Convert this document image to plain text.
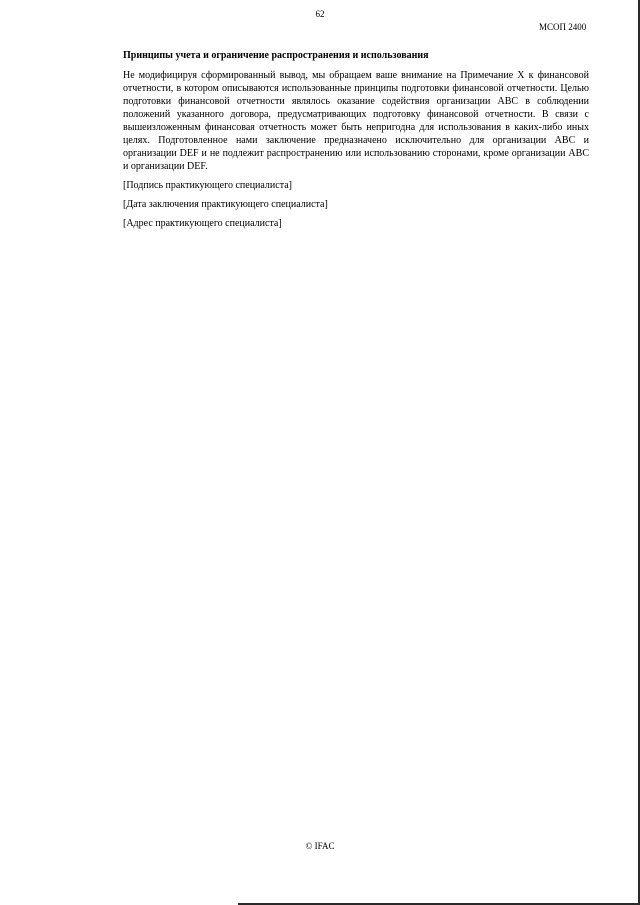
62
МСОП 2400
Принципы учета и ограничение распространения и использования

Не модифицируя сформированный вывод, мы обращаем ваше внимание на Примечание X к финансовой отчетности, в котором описываются использованные принципы подготовки финансовой отчетности. Целью подготовки финансовой отчетности являлось оказание содействия организации ABC в соблюдении положений указанного договора, предусматривающих подготовку финансовой отчетности. В связи с вышеизложенным финансовая отчетность может быть непригодна для использования в каких-либо иных целях. Подготовленное нами заключение предназначено исключительно для организации ABC и организации DEF и не подлежит распространению или использованию сторонами, кроме организации ABC и организации DEF.

[Подпись практикующего специалиста]

[Дата заключения практикующего специалиста]

[Адрес практикующего специалиста]

© IFAC
